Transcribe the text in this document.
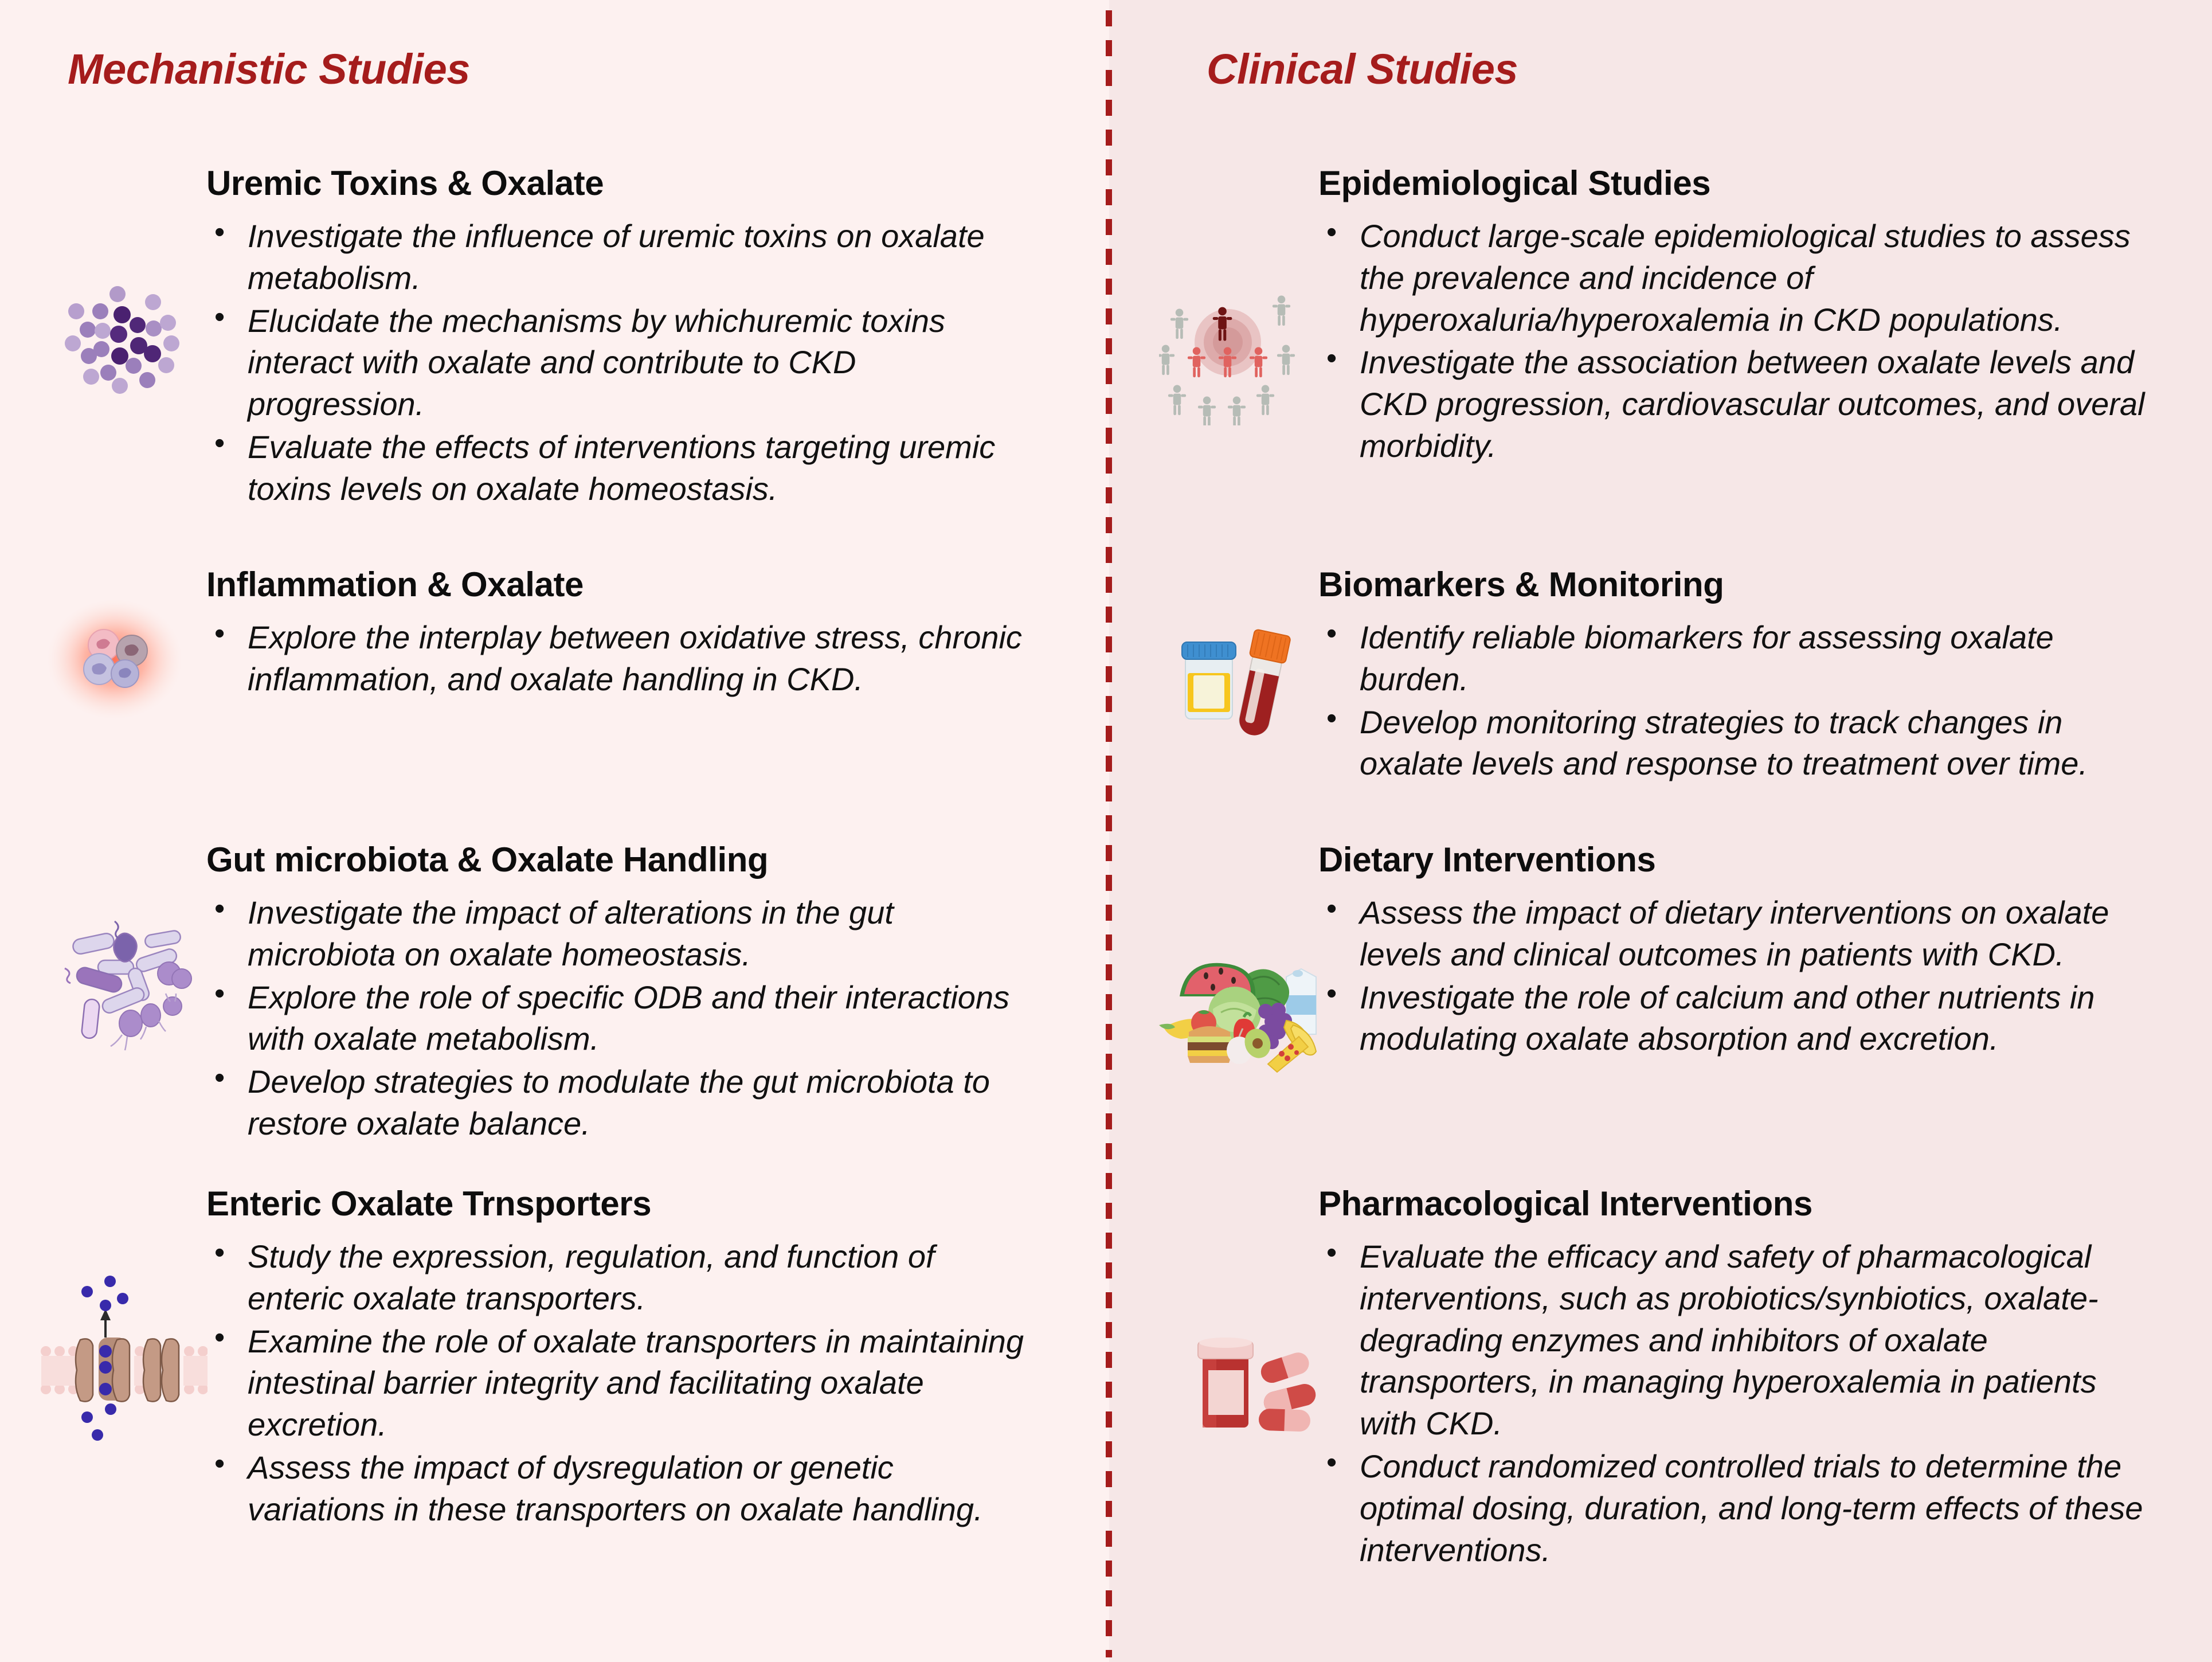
Mechanistic Studies	Clinical Studies
Uremic Toxins & Oxalate
• Investigate the influence of uremic toxins on oxalate metabolism.
• Elucidate the mechanisms by whichuremic toxins interact with oxalate and contribute to CKD progression.
• Evaluate the effects of interventions targeting uremic toxins levels on oxalate homeostasis.
Inflammation & Oxalate
• Explore the interplay between oxidative stress, chronic inflammation, and oxalate handling in CKD.
Gut microbiota & Oxalate Handling
• Investigate the impact of alterations in the gut microbiota on oxalate homeostasis.
• Explore the role of specific ODB and their interactions with oxalate metabolism.
• Develop strategies to modulate the gut microbiota to restore oxalate balance.
Enteric Oxalate Trnsporters
• Study the expression, regulation, and function of enteric oxalate transporters.
• Examine the role of oxalate transporters in maintaining intestinal barrier integrity and facilitating oxalate excretion.
• Assess the impact of dysregulation or genetic variations in these transporters on oxalate handling.
Epidemiological Studies
• Conduct large-scale epidemiological studies to assess the prevalence and incidence of hyperoxaluria/hyperoxalemia in CKD populations.
• Investigate the association between oxalate levels and CKD progression, cardiovascular outcomes, and overal morbidity.
Biomarkers & Monitoring
• Identify reliable biomarkers for assessing oxalate burden.
• Develop monitoring strategies to track changes in oxalate levels and response to treatment over time.
Dietary Interventions
• Assess the impact of dietary interventions on oxalate levels and clinical outcomes in patients with CKD.
• Investigate the role of calcium and other nutrients in modulating oxalate absorption and excretion.
Pharmacological Interventions
• Evaluate the efficacy and safety of pharmacological interventions, such as probiotics/synbiotics, oxalate-degrading enzymes and inhibitors of oxalate transporters, in managing hyperoxalemia in patients with CKD.
• Conduct randomized controlled trials to determine the optimal dosing, duration, and long-term effects of these interventions.
